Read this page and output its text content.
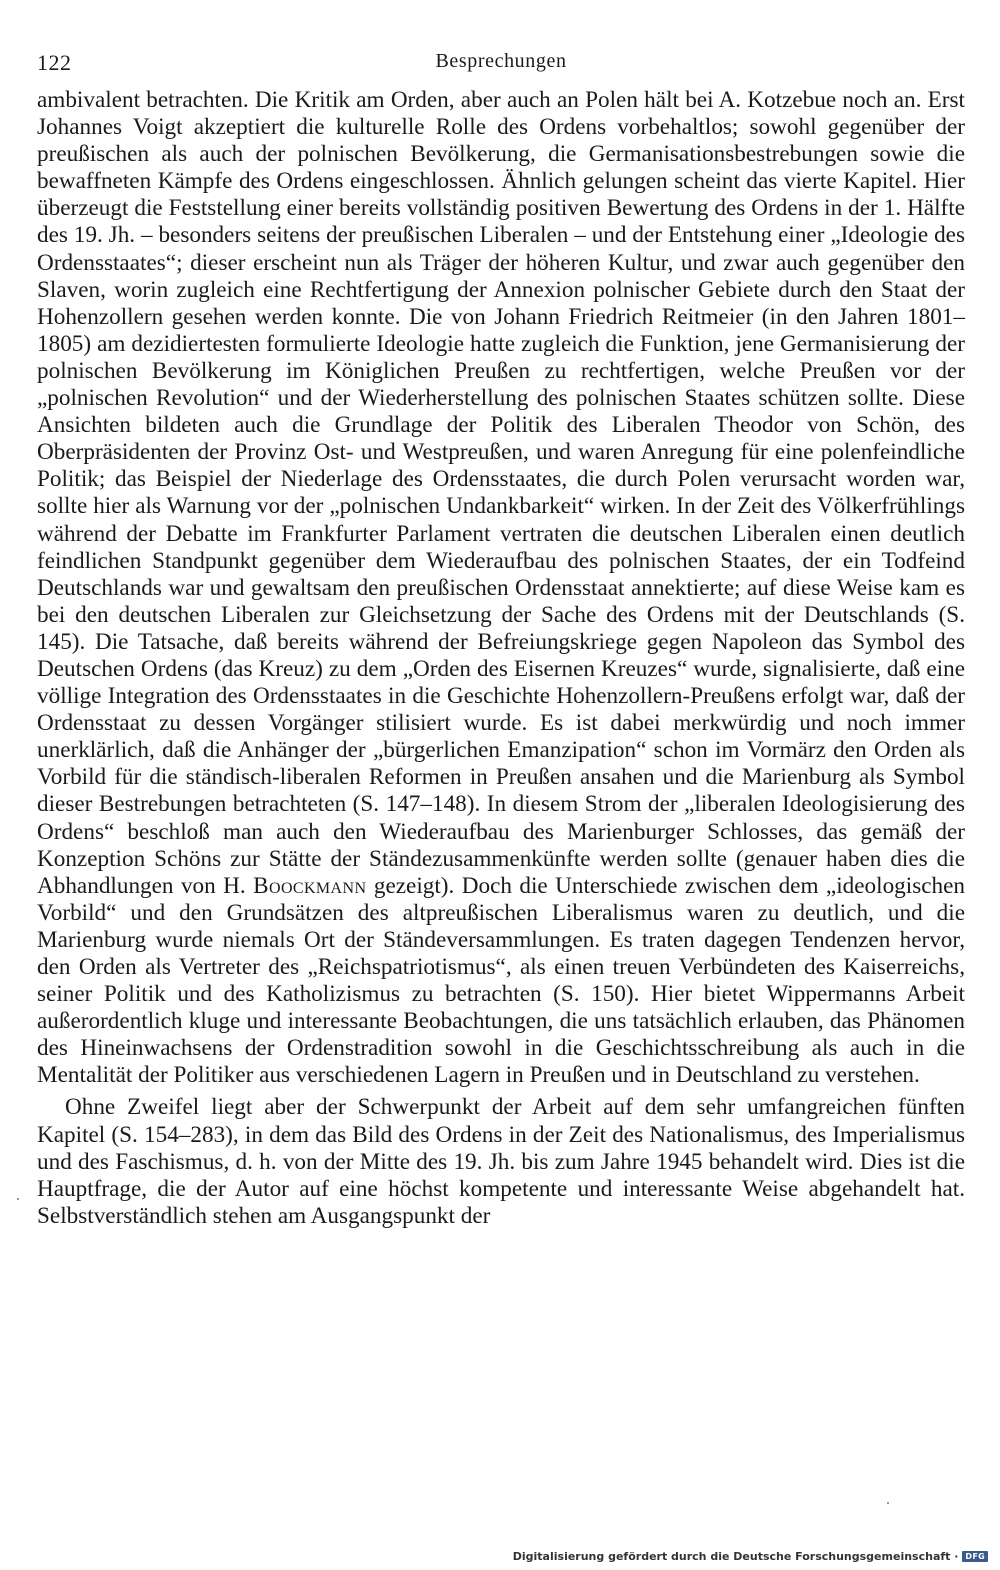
122	Besprechungen

ambivalent betrachten. Die Kritik am Orden, aber auch an Polen hält bei A. Kotzebue noch an. Erst Johannes Voigt akzeptiert die kulturelle Rolle des Ordens vorbehaltlos; sowohl gegenüber der preußischen als auch der polnischen Bevölkerung, die Germanisationsbestrebungen sowie die bewaffneten Kämpfe des Ordens eingeschlossen. Ähnlich gelungen scheint das vierte Kapitel. Hier überzeugt die Feststellung einer bereits vollständig positiven Bewertung des Ordens in der 1. Hälfte des 19. Jh. – besonders seitens der preußischen Liberalen – und der Entstehung einer „Ideologie des Ordensstaates“; dieser erscheint nun als Träger der höheren Kultur, und zwar auch gegenüber den Slaven, worin zugleich eine Rechtfertigung der Annexion polnischer Gebiete durch den Staat der Hohenzollern gesehen werden konnte. Die von Johann Friedrich Reitmeier (in den Jahren 1801–1805) am dezidiertesten formulierte Ideologie hatte zugleich die Funktion, jene Germanisierung der polnischen Bevölkerung im Königlichen Preußen zu rechtfertigen, welche Preußen vor der „polnischen Revolution“ und der Wiederherstellung des polnischen Staates schützen sollte. Diese Ansichten bildeten auch die Grundlage der Politik des Liberalen Theodor von Schön, des Oberpräsidenten der Provinz Ost- und Westpreußen, und waren Anregung für eine polenfeindliche Politik; das Beispiel der Niederlage des Ordensstaates, die durch Polen verursacht worden war, sollte hier als Warnung vor der „polnischen Undankbarkeit“ wirken. In der Zeit des Völkerfrühlings während der Debatte im Frankfurter Parlament vertraten die deutschen Liberalen einen deutlich feindlichen Standpunkt gegenüber dem Wiederaufbau des polnischen Staates, der ein Todfeind Deutschlands war und gewaltsam den preußischen Ordensstaat annektierte; auf diese Weise kam es bei den deutschen Liberalen zur Gleichsetzung der Sache des Ordens mit der Deutschlands (S. 145). Die Tatsache, daß bereits während der Befreiungskriege gegen Napoleon das Symbol des Deutschen Ordens (das Kreuz) zu dem „Orden des Eisernen Kreuzes“ wurde, signalisierte, daß eine völlige Integration des Ordensstaates in die Geschichte Hohenzollern-Preußens erfolgt war, daß der Ordensstaat zu dessen Vorgänger stilisiert wurde. Es ist dabei merkwürdig und noch immer unerklärlich, daß die Anhänger der „bürgerlichen Emanzipation“ schon im Vormärz den Orden als Vorbild für die ständisch-liberalen Reformen in Preußen ansahen und die Marienburg als Symbol dieser Bestrebungen betrachteten (S. 147–148). In diesem Strom der „liberalen Ideologisierung des Ordens“ beschloß man auch den Wiederaufbau des Marienburger Schlosses, das gemäß der Konzeption Schöns zur Stätte der Ständezusammenkünfte werden sollte (genauer haben dies die Abhandlungen von H. Boockmann gezeigt). Doch die Unterschiede zwischen dem „ideologischen Vorbild“ und den Grundsätzen des altpreußischen Liberalismus waren zu deutlich, und die Marienburg wurde niemals Ort der Ständeversammlungen. Es traten dagegen Tendenzen hervor, den Orden als Vertreter des „Reichspatriotismus“, als einen treuen Verbündeten des Kaiserreichs, seiner Politik und des Katholizismus zu betrachten (S. 150). Hier bietet Wippermanns Arbeit außerordentlich kluge und interessante Beobachtungen, die uns tatsächlich erlauben, das Phänomen des Hineinwachsens der Ordenstradition sowohl in die Geschichtsschreibung als auch in die Mentalität der Politiker aus verschiedenen Lagern in Preußen und in Deutschland zu verstehen.

Ohne Zweifel liegt aber der Schwerpunkt der Arbeit auf dem sehr umfangreichen fünften Kapitel (S. 154–283), in dem das Bild des Ordens in der Zeit des Nationalismus, des Imperialismus und des Faschismus, d. h. von der Mitte des 19. Jh. bis zum Jahre 1945 behandelt wird. Dies ist die Hauptfrage, die der Autor auf eine höchst kompetente und interessante Weise abgehandelt hat. Selbstverständlich stehen am Ausgangspunkt der

Digitalisierung gefördert durch die Deutsche Forschungsgemeinschaft · DFG
